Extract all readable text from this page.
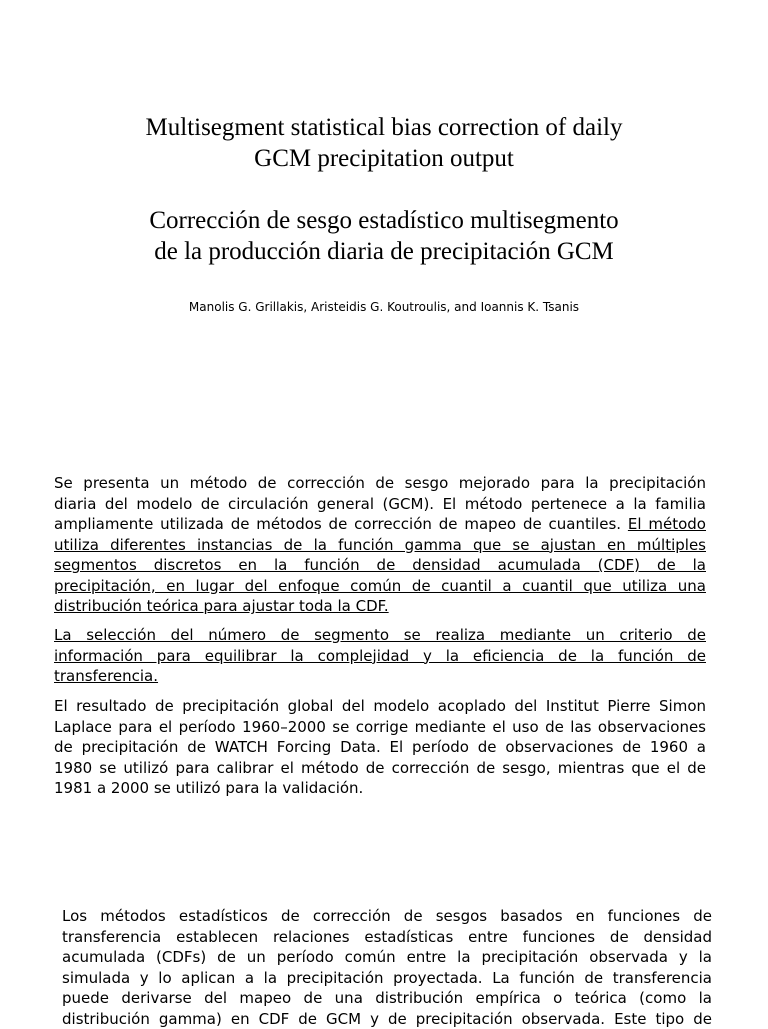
Multisegment statistical bias correction of daily
GCM precipitation output
Corrección de sesgo estadístico multisegmento
de la producción diaria de precipitación GCM
Manolis G. Grillakis, Aristeidis G. Koutroulis, and Ioannis K. Tsanis
Se presenta un método de corrección de sesgo mejorado para la precipitación
diaria del modelo de circulación general (GCM). El método pertenece a la familia
ampliamente utilizada de métodos de corrección de mapeo de cuantiles. El método
utiliza diferentes instancias de la función gamma que se ajustan en múltiples
segmentos discretos en la función de densidad acumulada (CDF) de la
precipitación, en lugar del enfoque común de cuantil a cuantil que utiliza una
distribución teórica para ajustar toda la CDF.
La selección del número de segmento se realiza mediante un criterio de
información para equilibrar la complejidad y la eficiencia de la función de
transferencia.
El resultado de precipitación global del modelo acoplado del Institut Pierre Simon
Laplace para el período 1960–2000 se corrige mediante el uso de las observaciones
de precipitación de WATCH Forcing Data. El período de observaciones de 1960 a
1980 se utilizó para calibrar el método de corrección de sesgo, mientras que el de
1981 a 2000 se utilizó para la validación.
Los métodos estadísticos de corrección de sesgos basados en funciones de
transferencia establecen relaciones estadísticas entre funciones de densidad
acumulada (CDFs) de un período común entre la precipitación observada y la
simulada y lo aplican a la precipitación proyectada. La función de transferencia
puede derivarse del mapeo de una distribución empírica o teórica (como la
distribución gamma) en CDF de GCM y de precipitación observada. Este tipo de
